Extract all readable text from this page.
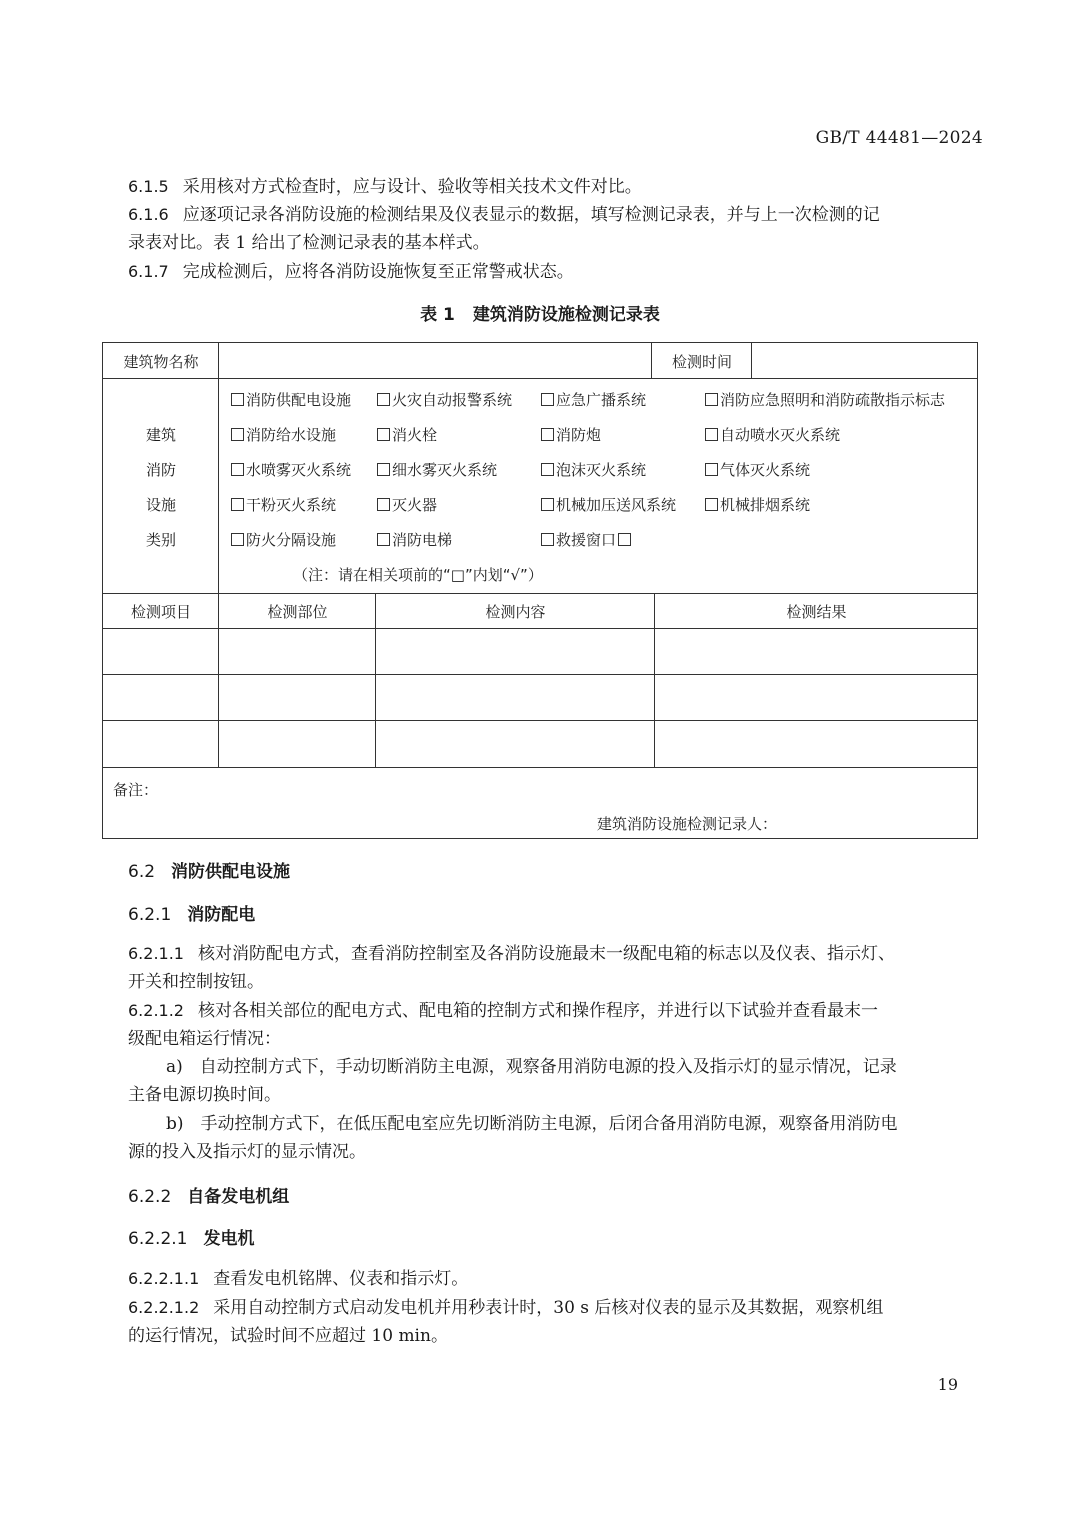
GB/T 44481—2024
6.1.5 采用核对方式检查时，应与设计、验收等相关技术文件对比。
6.1.6 应逐项记录各消防设施的检测结果及仪表显示的数据，填写检测记录表，并与上一次检测的记
录表对比。表 1 给出了检测记录表的基本样式。
6.1.7 完成检测后，应将各消防设施恢复至正常警戒状态。
表 1 建筑消防设施检测记录表
建筑物名称	检测时间
建筑
消防
设施
类别
消防供配电设施	火灾自动报警系统	应急广播系统	消防应急照明和消防疏散指示标志
消防给水设施	消火栓	消防炮	自动喷水灭火系统
水喷雾灭火系统	细水雾灭火系统	泡沫灭火系统	气体灭火系统
干粉灭火系统	灭火器	机械加压送风系统	机械排烟系统
防火分隔设施	消防电梯	救援窗口
（注：请在相关项前的“□”内划“√”）
检测项目	检测部位	检测内容	检测结果
备注：
建筑消防设施检测记录人：
6.2 消防供配电设施
6.2.1 消防配电
6.2.1.1 核对消防配电方式，查看消防控制室及各消防设施最末一级配电箱的标志以及仪表、指示灯、
开关和控制按钮。
6.2.1.2 核对各相关部位的配电方式、配电箱的控制方式和操作程序，并进行以下试验并查看最末一
级配电箱运行情况：
a)　自动控制方式下，手动切断消防主电源，观察备用消防电源的投入及指示灯的显示情况，记录
主备电源切换时间。
b)　手动控制方式下，在低压配电室应先切断消防主电源，后闭合备用消防电源，观察备用消防电
源的投入及指示灯的显示情况。
6.2.2 自备发电机组
6.2.2.1 发电机
6.2.2.1.1 查看发电机铭牌、仪表和指示灯。
6.2.2.1.2 采用自动控制方式启动发电机并用秒表计时，30 s 后核对仪表的显示及其数据，观察机组
的运行情况，试验时间不应超过 10 min。
19
